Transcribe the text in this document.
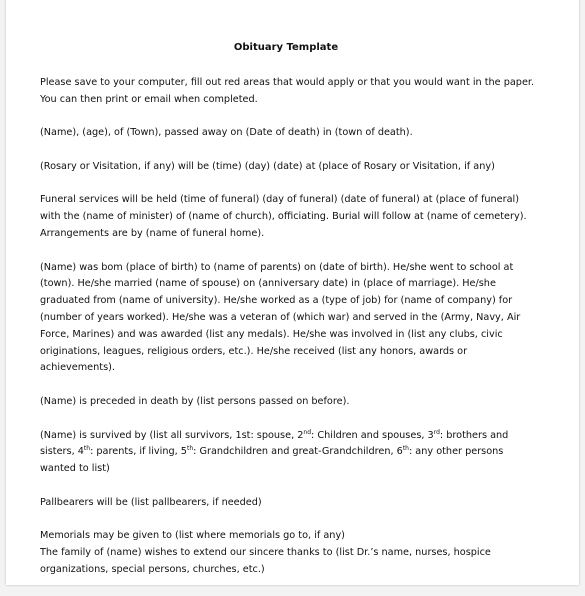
Obituary Template

Please save to your computer, fill out red areas that would apply or that you would want in the paper. You can then print or email when completed.

(Name), (age), of (Town), passed away on (Date of death) in (town of death).

(Rosary or Visitation, if any) will be (time) (day) (date) at (place of Rosary or Visitation, if any)

Funeral services will be held (time of funeral) (day of funeral) (date of funeral) at (place of funeral) with the (name of minister) of (name of church), officiating. Burial will follow at (name of cemetery). Arrangements are by (name of funeral home).

(Name) was bom (place of birth) to (name of parents) on (date of birth). He/she went to school at (town). He/she married (name of spouse) on (anniversary date) in (place of marriage). He/she graduated from (name of university). He/she worked as a (type of job) for (name of company) for (number of years worked). He/she was a veteran of (which war) and served in the (Army, Navy, Air Force, Marines) and was awarded (list any medals). He/she was involved in (list any clubs, civic originations, leagues, religious orders, etc.). He/she received (list any honors, awards or achievements).

(Name) is preceded in death by (list persons passed on before).

(Name) is survived by (list all survivors, 1st: spouse, 2nd: Children and spouses, 3rd: brothers and sisters, 4th: parents, if living, 5th: Grandchildren and great-Grandchildren, 6th: any other persons wanted to list)

Pallbearers will be (list pallbearers, if needed)

Memorials may be given to (list where memorials go to, if any)

The family of (name) wishes to extend our sincere thanks to (list Dr.’s name, nurses, hospice organizations, special persons, churches, etc.)
